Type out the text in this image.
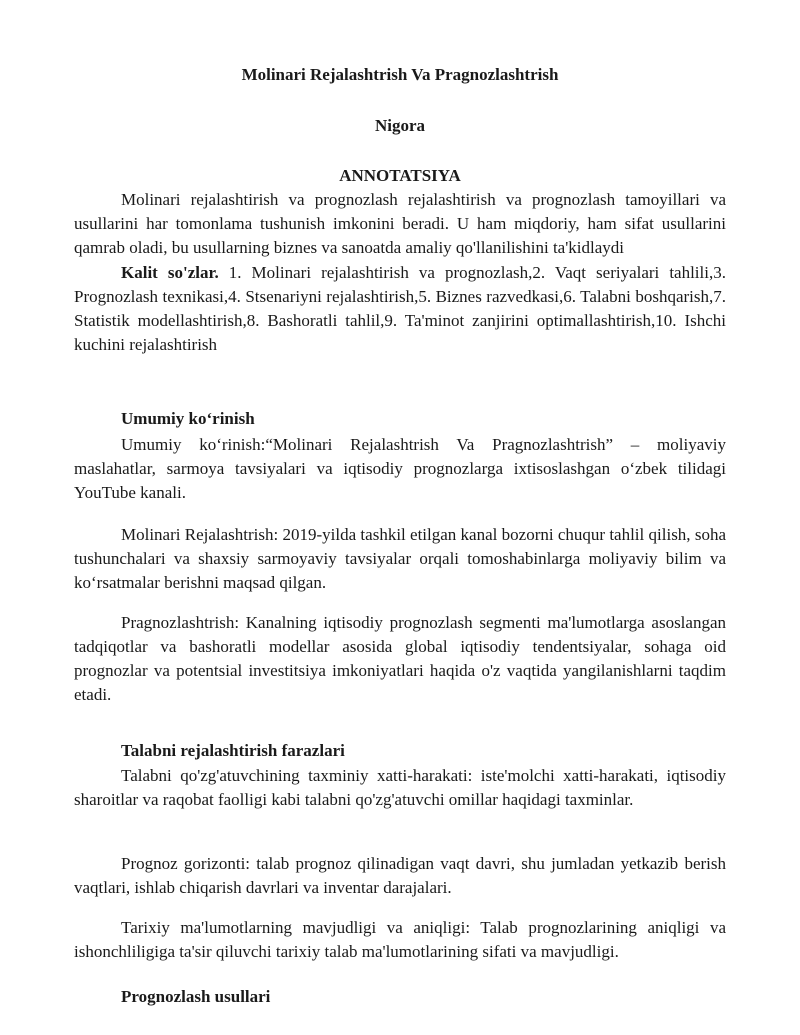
Molinari Rejalashtrish Va Pragnozlashtrish
Nigora
ANNOTATSIYA

Molinari rejalashtirish va prognozlash rejalashtirish va prognozlash tamoyillari va usullarini har tomonlama tushunish imkonini beradi. U ham miqdoriy, ham sifat usullarini qamrab oladi, bu usullarning biznes va sanoatda amaliy qo'llanilishini ta'kidlaydi

Kalit so'zlar. 1. Molinari rejalashtirish va prognozlash,2. Vaqt seriyalari tahlili,3. Prognozlash texnikasi,4. Stsenariyni rejalashtirish,5. Biznes razvedkasi,6. Talabni boshqarish,7. Statistik modellashtirish,8. Bashoratli tahlil,9. Ta'minot zanjirini optimallashtirish,10. Ishchi kuchini rejalashtirish

Umumiy ko‘rinish

Umumiy ko‘rinish:“Molinari Rejalashtrish Va Pragnozlashtrish” – moliyaviy maslahatlar, sarmoya tavsiyalari va iqtisodiy prognozlarga ixtisoslashgan o‘zbek tilidagi YouTube kanali.

Molinari Rejalashtrish: 2019-yilda tashkil etilgan kanal bozorni chuqur tahlil qilish, soha tushunchalari va shaxsiy sarmoyaviy tavsiyalar orqali tomoshabinlarga moliyaviy bilim va ko‘rsatmalar berishni maqsad qilgan.

Pragnozlashtrish: Kanalning iqtisodiy prognozlash segmenti ma'lumotlarga asoslangan tadqiqotlar va bashoratli modellar asosida global iqtisodiy tendentsiyalar, sohaga oid prognozlar va potentsial investitsiya imkoniyatlari haqida o'z vaqtida yangilanishlarni taqdim etadi.

Talabni rejalashtirish farazlari

Talabni qo'zg'atuvchining taxminiy xatti-harakati: iste'molchi xatti-harakati, iqtisodiy sharoitlar va raqobat faolligi kabi talabni qo'zg'atuvchi omillar haqidagi taxminlar.

Prognoz gorizonti: talab prognoz qilinadigan vaqt davri, shu jumladan yetkazib berish vaqtlari, ishlab chiqarish davrlari va inventar darajalari.

Tarixiy ma'lumotlarning mavjudligi va aniqligi: Talab prognozlarining aniqligi va ishonchliligiga ta'sir qiluvchi tarixiy talab ma'lumotlarining sifati va mavjudligi.

Prognozlash usullari
